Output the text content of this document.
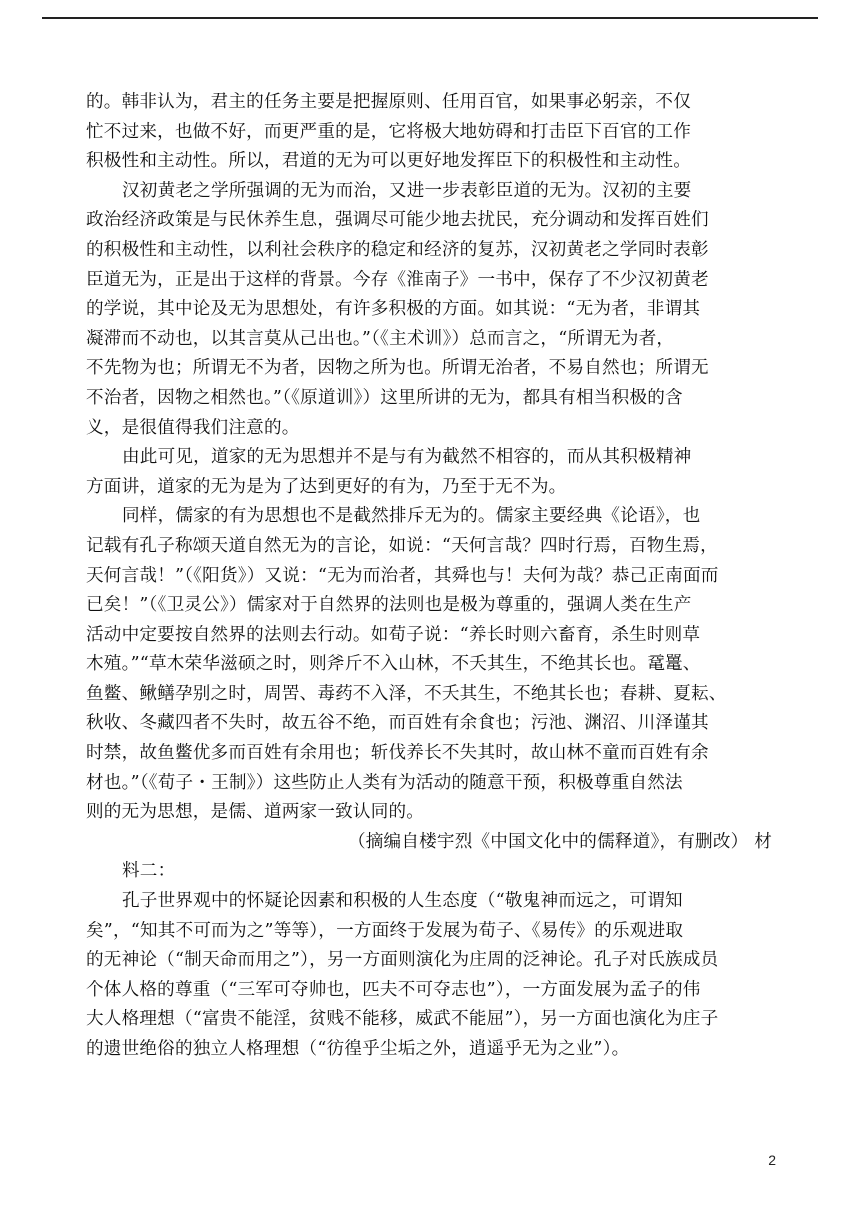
的。韩非认为，君主的任务主要是把握原则、任用百官，如果事必躬亲，不仅
忙不过来，也做不好，而更严重的是，它将极大地妨碍和打击臣下百官的工作
积极性和主动性。所以，君道的无为可以更好地发挥臣下的积极性和主动性。
汉初黄老之学所强调的无为而治，又进一步表彰臣道的无为。汉初的主要
政治经济政策是与民休养生息，强调尽可能少地去扰民，充分调动和发挥百姓们
的积极性和主动性，以利社会秩序的稳定和经济的复苏，汉初黄老之学同时表彰
臣道无为，正是出于这样的背景。今存《淮南子》一书中，保存了不少汉初黄老
的学说，其中论及无为思想处，有许多积极的方面。如其说：“无为者，非谓其
凝滞而不动也，以其言莫从己出也。”（《主术训》）总而言之，“所谓无为者，
不先物为也；所谓无不为者，因物之所为也。所谓无治者，不易自然也；所谓无
不治者，因物之相然也。”（《原道训》）这里所讲的无为，都具有相当积极的含
义，是很值得我们注意的。
由此可见，道家的无为思想并不是与有为截然不相容的，而从其积极精神
方面讲，道家的无为是为了达到更好的有为，乃至于无不为。
同样，儒家的有为思想也不是截然排斥无为的。儒家主要经典《论语》，也
记载有孔子称颂天道自然无为的言论，如说：“天何言哉？四时行焉，百物生焉，
天何言哉！”（《阳货》）又说：“无为而治者，其舜也与！夫何为哉？恭己正南面而
已矣！”（《卫灵公》）儒家对于自然界的法则也是极为尊重的，强调人类在生产
活动中定要按自然界的法则去行动。如荀子说：“养长时则六畜育，杀生时则草
木殖。”“草木荣华滋硕之时，则斧斤不入山林，不夭其生，不绝其长也。鼋鼍、
鱼鳖、鳅鳝孕别之时，周罟、毒药不入泽，不夭其生，不绝其长也；春耕、夏耘、
秋收、冬藏四者不失时，故五谷不绝，而百姓有余食也；污池、渊沼、川泽谨其
时禁，故鱼鳖优多而百姓有余用也；斩伐养长不失其时，故山林不童而百姓有余
材也。”（《荀子・王制》）这些防止人类有为活动的随意干预，积极尊重自然法
则的无为思想，是儒、道两家一致认同的。
（摘编自楼宇烈《中国文化中的儒释道》，有删改） 材
料二：
孔子世界观中的怀疑论因素和积极的人生态度（“敬鬼神而远之，可谓知
矣”，“知其不可而为之”等等），一方面终于发展为荀子、《易传》的乐观进取
的无神论（“制天命而用之”），另一方面则演化为庄周的泛神论。孔子对氏族成员
个体人格的尊重（“三军可夺帅也，匹夫不可夺志也”），一方面发展为孟子的伟
大人格理想（“富贵不能淫，贫贱不能移，威武不能屈”），另一方面也演化为庄子
的遗世绝俗的独立人格理想（“彷徨乎尘垢之外，逍遥乎无为之业”）。
2
